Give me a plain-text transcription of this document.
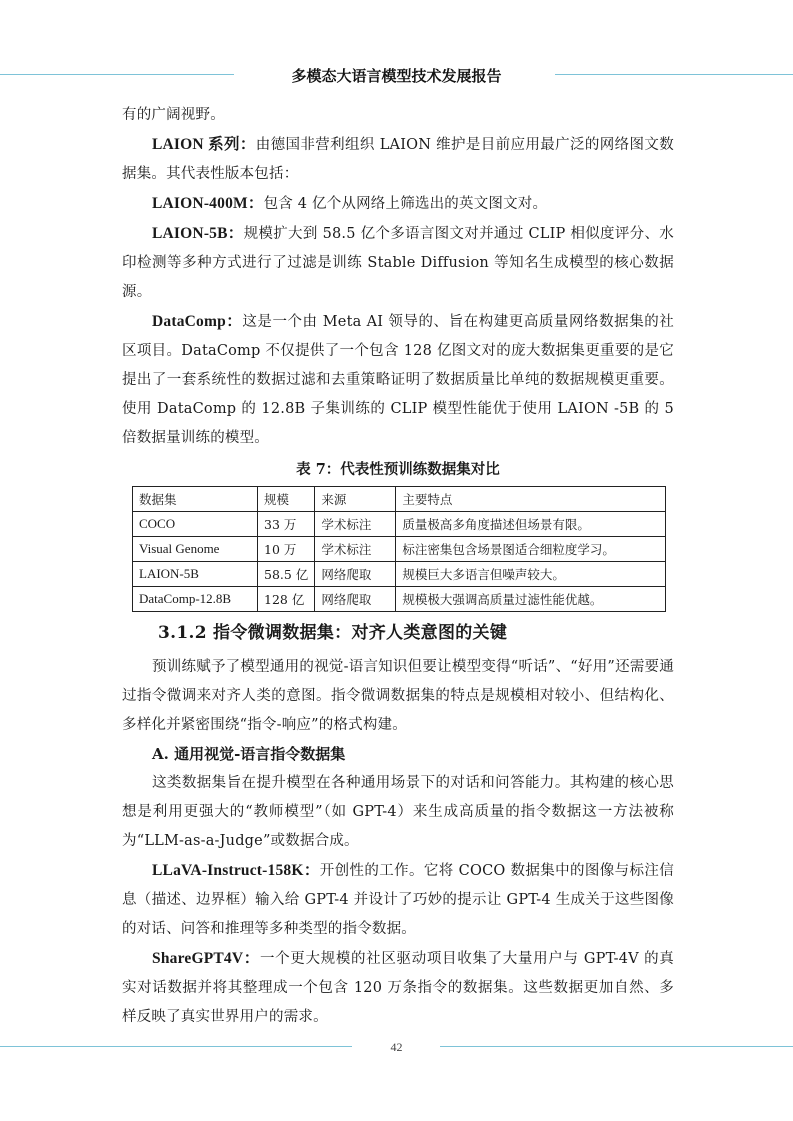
多模态大语言模型技术发展报告

有的广阔视野。

LAION 系列：由德国非营利组织 LAION 维护是目前应用最广泛的网络图文数据集。其代表性版本包括：

LAION-400M：包含 4 亿个从网络上筛选出的英文图文对。

LAION-5B：规模扩大到 58.5 亿个多语言图文对并通过 CLIP 相似度评分、水印检测等多种方式进行了过滤是训练 Stable Diffusion 等知名生成模型的核心数据源。

DataComp：这是一个由 Meta AI 领导的、旨在构建更高质量网络数据集的社区项目。DataComp 不仅提供了一个包含 128 亿图文对的庞大数据集更重要的是它提出了一套系统性的数据过滤和去重策略证明了数据质量比单纯的数据规模更重要。使用 DataComp 的 12.8B 子集训练的 CLIP 模型性能优于使用 LAION -5B 的 5 倍数据量训练的模型。

表 7：代表性预训练数据集对比
数据集	规模	来源	主要特点
COCO	33 万	学术标注	质量极高多角度描述但场景有限。
Visual Genome	10 万	学术标注	标注密集包含场景图适合细粒度学习。
LAION-5B	58.5 亿	网络爬取	规模巨大多语言但噪声较大。
DataComp-12.8B	128 亿	网络爬取	规模极大强调高质量过滤性能优越。
3.1.2 指令微调数据集：对齐人类意图的关键

预训练赋予了模型通用的视觉-语言知识但要让模型变得“听话”、“好用”还需要通过指令微调来对齐人类的意图。指令微调数据集的特点是规模相对较小、但结构化、多样化并紧密围绕“指令-响应”的格式构建。

A. 通用视觉-语言指令数据集

这类数据集旨在提升模型在各种通用场景下的对话和问答能力。其构建的核心思想是利用更强大的“教师模型”（如 GPT-4）来生成高质量的指令数据这一方法被称为“LLM-as-a-Judge”或数据合成。

LLaVA-Instruct-158K：开创性的工作。它将 COCO 数据集中的图像与标注信息（描述、边界框）输入给 GPT-4 并设计了巧妙的提示让 GPT-4 生成关于这些图像的对话、问答和推理等多种类型的指令数据。

ShareGPT4V：一个更大规模的社区驱动项目收集了大量用户与 GPT-4V 的真实对话数据并将其整理成一个包含 120 万条指令的数据集。这些数据更加自然、多样反映了真实世界用户的需求。

42
